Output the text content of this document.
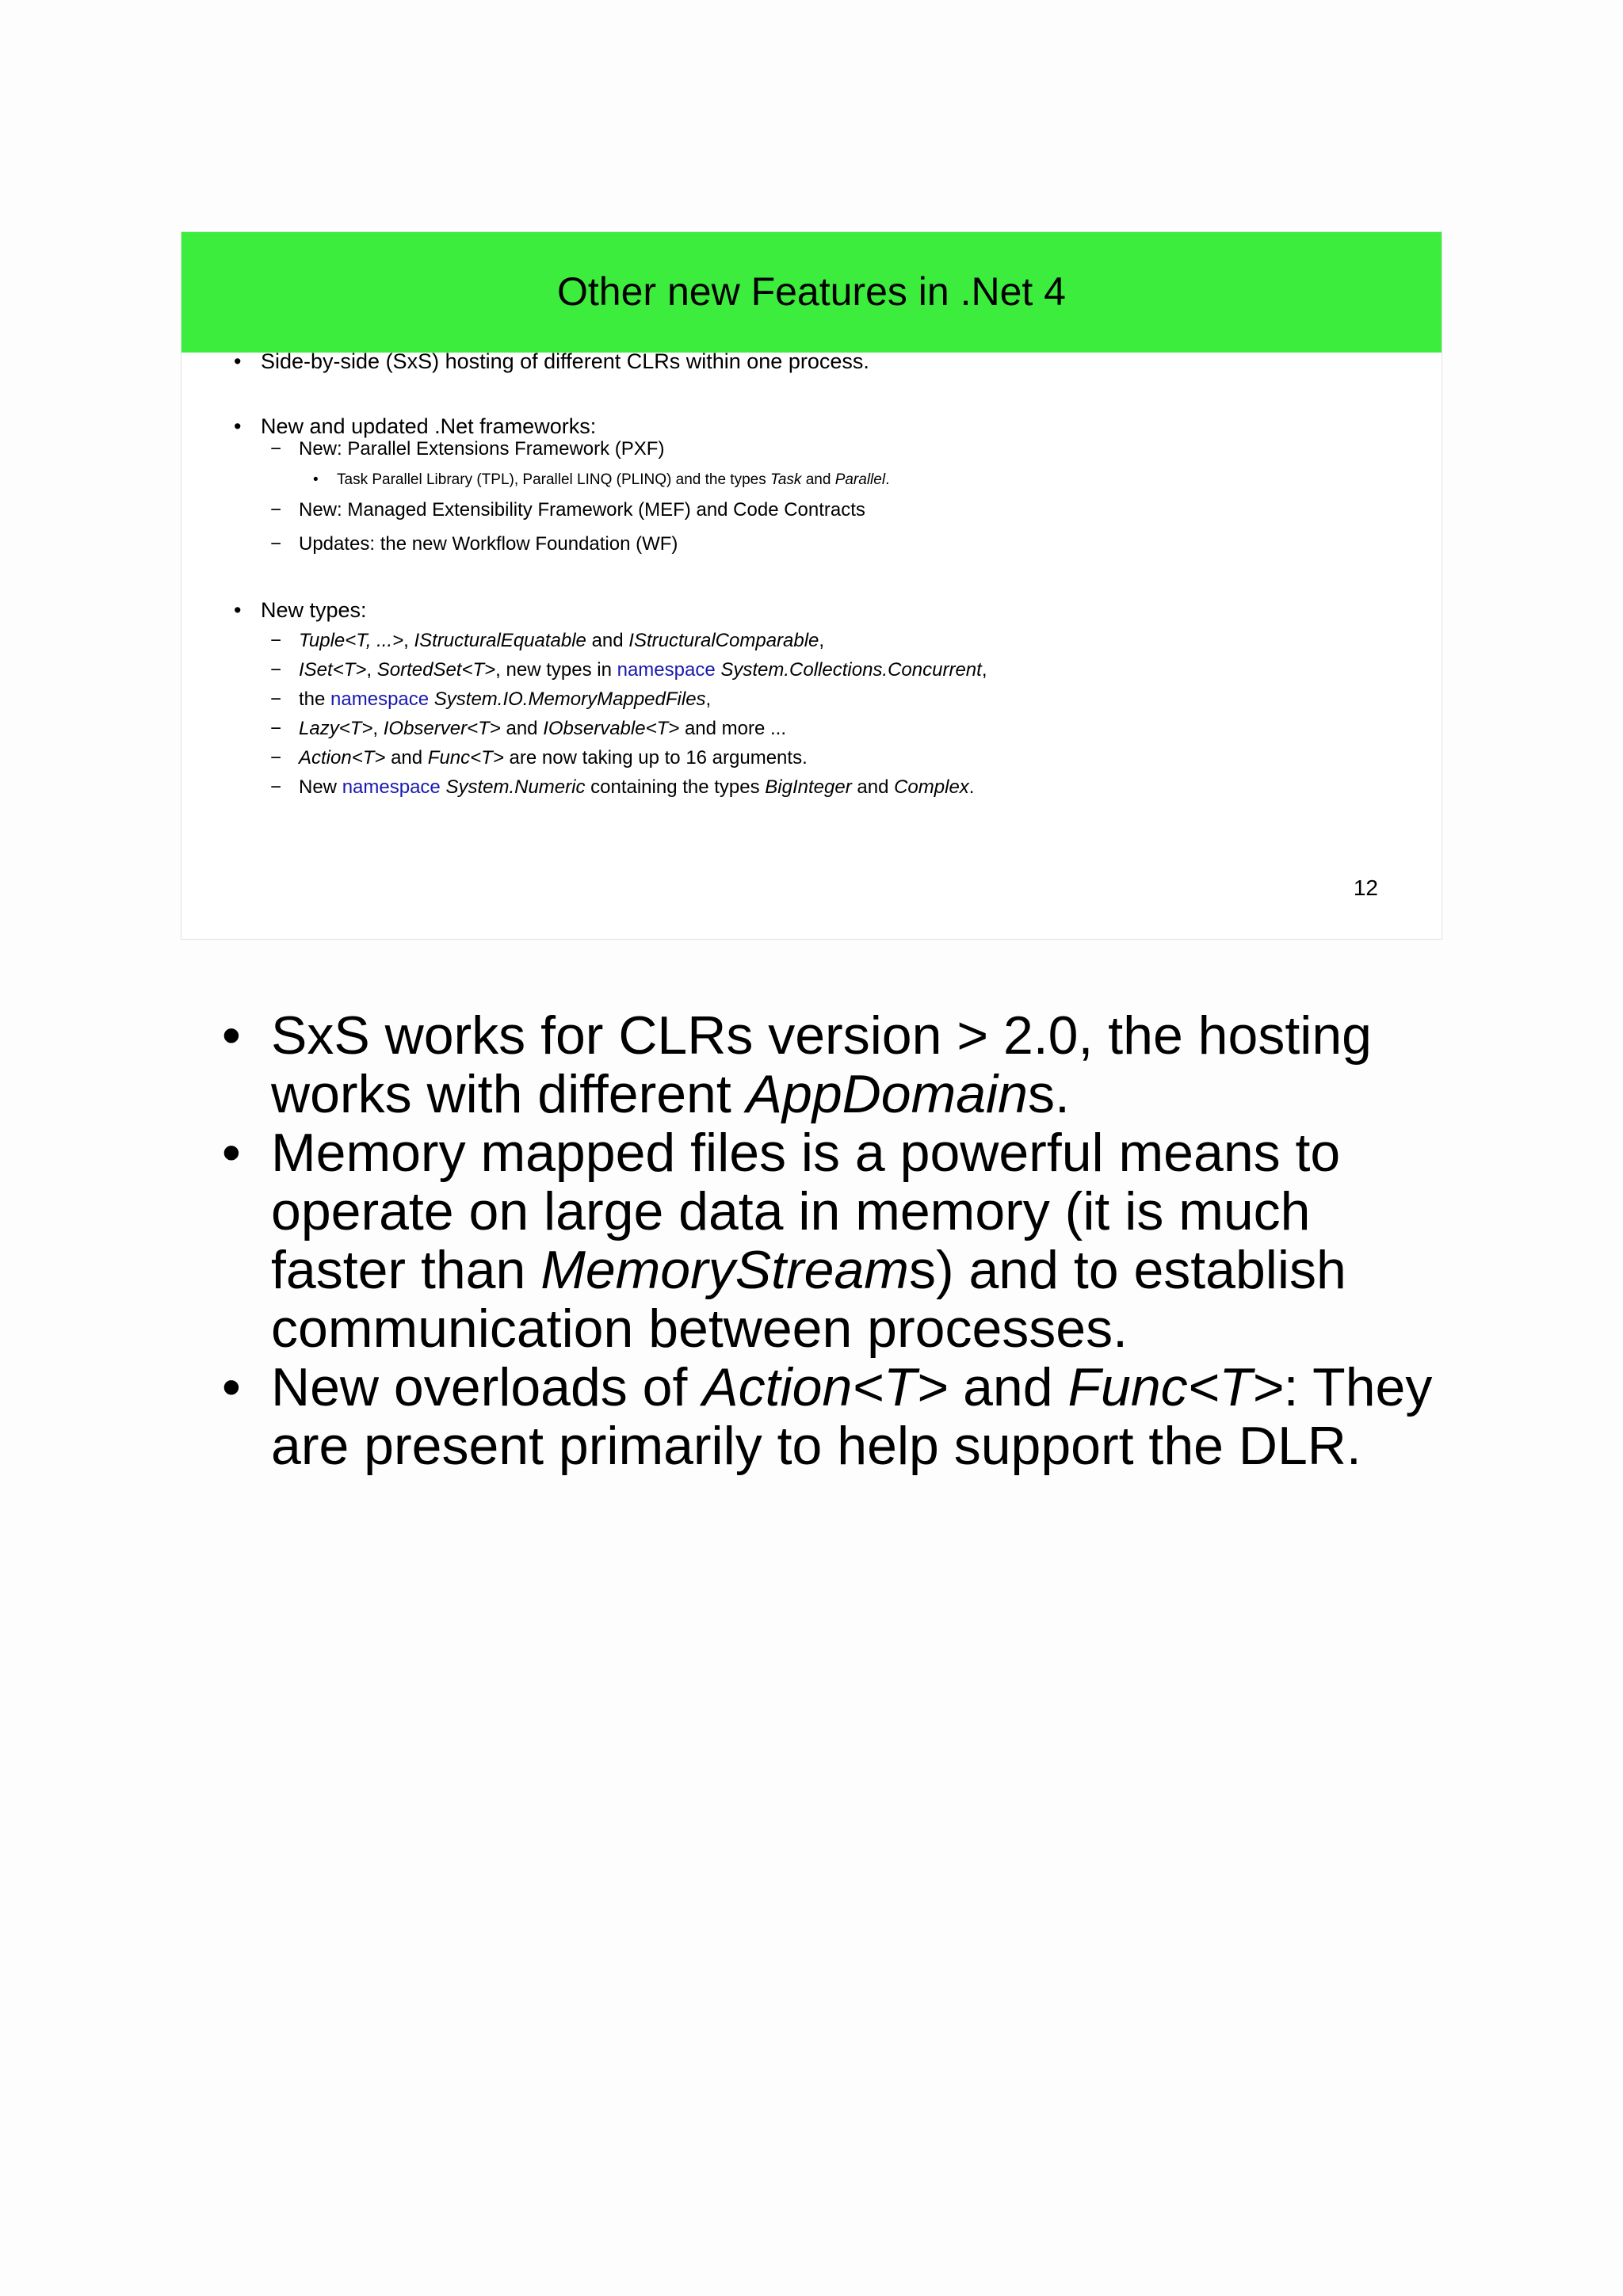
Other new Features in .Net 4
• Side-by-side (SxS) hosting of different CLRs within one process.
• New and updated .Net frameworks:
− New: Parallel Extensions Framework (PXF)
• Task Parallel Library (TPL), Parallel LINQ (PLINQ) and the types Task and Parallel.
− New: Managed Extensibility Framework (MEF) and Code Contracts
− Updates: the new Workflow Foundation (WF)
• New types:
− Tuple<T, ...>, IStructuralEquatable and IStructuralComparable,
− ISet<T>, SortedSet<T>, new types in namespace System.Collections.Concurrent,
− the namespace System.IO.MemoryMappedFiles,
− Lazy<T>, IObserver<T> and IObservable<T> and more ...
− Action<T> and Func<T> are now taking up to 16 arguments.
− New namespace System.Numeric containing the types BigInteger and Complex.
12
• SxS works for CLRs version > 2.0, the hosting works with different AppDomains.
• Memory mapped files is a powerful means to operate on large data in memory (it is much faster than MemoryStreams) and to establish communication between processes.
• New overloads of Action<T> and Func<T>: They are present primarily to help support the DLR.
